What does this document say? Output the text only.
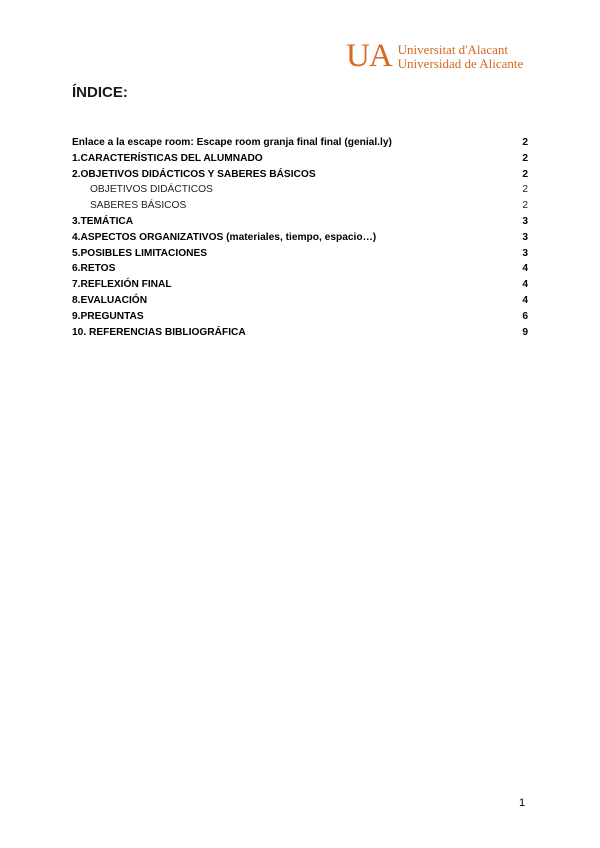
UA Universitat d'Alacant
Universidad de Alicante
ÍNDICE:
Enlace a la escape room: Escape room granja final final (genial.ly)	2
1.CARACTERÍSTICAS DEL ALUMNADO	2
2.OBJETIVOS DIDÁCTICOS Y SABERES BÁSICOS	2
OBJETIVOS DIDÁCTICOS	2
SABERES BÁSICOS	2
3.TEMÁTICA	3
4.ASPECTOS ORGANIZATIVOS (materiales, tiempo, espacio…)	3
5.POSIBLES LIMITACIONES	3
6.RETOS	4
7.REFLEXIÓN FINAL	4
8.EVALUACIÓN	4
9.PREGUNTAS	6
10. REFERENCIAS BIBLIOGRÁFICA	9
1
